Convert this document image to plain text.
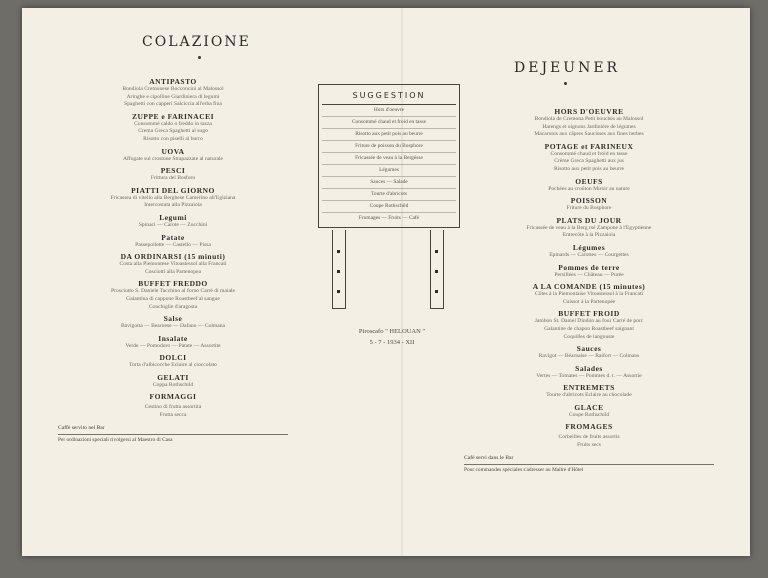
COLAZIONE
ANTIPASTO
Bondiola Cremonese Bocconcini al Malossol
Aringhe e cipolline Giardiniera di legumi
Spaghetti con capperi Salciccia all'erba fina
ZUPPE e FARINACEI
Consommé caldo o freddo in tazza
Crema Greca Spaghetti al sugo
Risotto con piselli al burro
UOVA
Affogate sul crostone Strapazzate al naturale
PESCI
Frittura del Bosforo
PIATTI DEL GIORNO
Fricassea di vitello alla Berghese Camerino all'Egiziana
Intercostata alla Pizzaiola
Legumi
Spinaci — Carote — Zucchini
Patate
Passepoilette — Castello — Pissa
DA ORDINARSI (15 minuti)
Costa alla Piemontese Vitoastessol alla Francati
Cosciotti alla Partenopea
BUFFET FREDDO
Prosciutto S. Daniele Tacchino al forno Carré di maiale
Galantina di cappone Roastbeef al sangue
Conchiglie d'aragosta
Salse
Bavigotta — Bearnese — Dafano — Colmana
Insalate
Verde — Pomodoro — Patate — Assortite
DOLCI
Torta d'albicocche Eclaire al cioccolato
GELATI
Coppa Rothschild
FORMAGGI
Cestino di frutta assortita
Frutta secca
Caffè servito nel Bar
Per ordinazioni speciali rivolgersi al Maestro di Casa
SUGGESTION
Hors d'oeuvre
Consommé chaud et froid en tasse
Risotto aux petit pois au beurre
Friture de poisson du Bosphore
Fricassée de veau à la Bergèsse
Légumes
Sauces — Salade
Tourte d'abricots
Coupe Rothschild
Fromages — Fruits — Café
Piroscafo " HELOUAN "
5 - 7 - 1934 - XII
DEJEUNER
HORS D'OEUVRE
Bondiola de Cremona Petit bouchés au Malossol
Harengs et oignons Jardinière de légumes
Macaronis aux câpres Saucisses aux fines herbes
POTAGE et FARINEUX
Consommé chaud et froid en tasse
Crème Greca Spaghetti aux jus
Risotto aux petit pois au beurre
OEUFS
Pochées au croûton Miroir au nature
POISSON
Friture du Bosphore
PLATS DU JOUR
Fricassée de veau à la Berg rsé Zampone à l'Egyptienne
Entrecôte à la Pizzaiola
Légumes
Epinards — Carottes — Courgettes
Pommes de terre
Persillées — Château — Purée
A LA COMANDE (15 minutes)
Côtes à la Piemontaise Vitoastessol à la Francati
Cuissot à la Partenopée
BUFFET FROID
Jambon St. Daniel Dindon au four Carré de porc
Galantine de chapon Roastbeef saignant
Coquilles de langouste
Sauces
Ravigot — Béarnaise — Raifort — Colmans
Salades
Vertes — Tomates — Pommes d. t. — Assortie
ENTREMETS
Tourte d'abricots Eclaire au chocolade
GLACE
Coupe Rothschild
FROMAGES
Corbeilles de fruits assortis
Fruits secs
Café servi dans le Bar
Pour commandes spéciales s'adresser au Maître d'Hôtel
